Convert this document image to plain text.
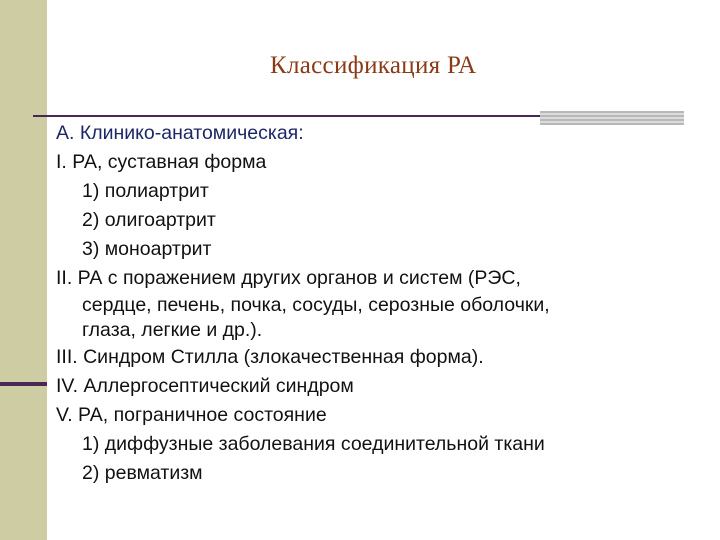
Классификация РА
А. Клинико-анатомическая:
I. РА, суставная форма
1) полиартрит
2) олигоартрит
3) моноартрит
II. РА с поражением других органов и систем (РЭС,
сердце, печень, почка, сосуды, серозные оболочки,
глаза, легкие и др.).
III. Синдром Стилла (злокачественная форма).
IV. Аллергосептический синдром
V. РА, пограничное состояние
1) диффузные заболевания соединительной ткани
2) ревматизм
